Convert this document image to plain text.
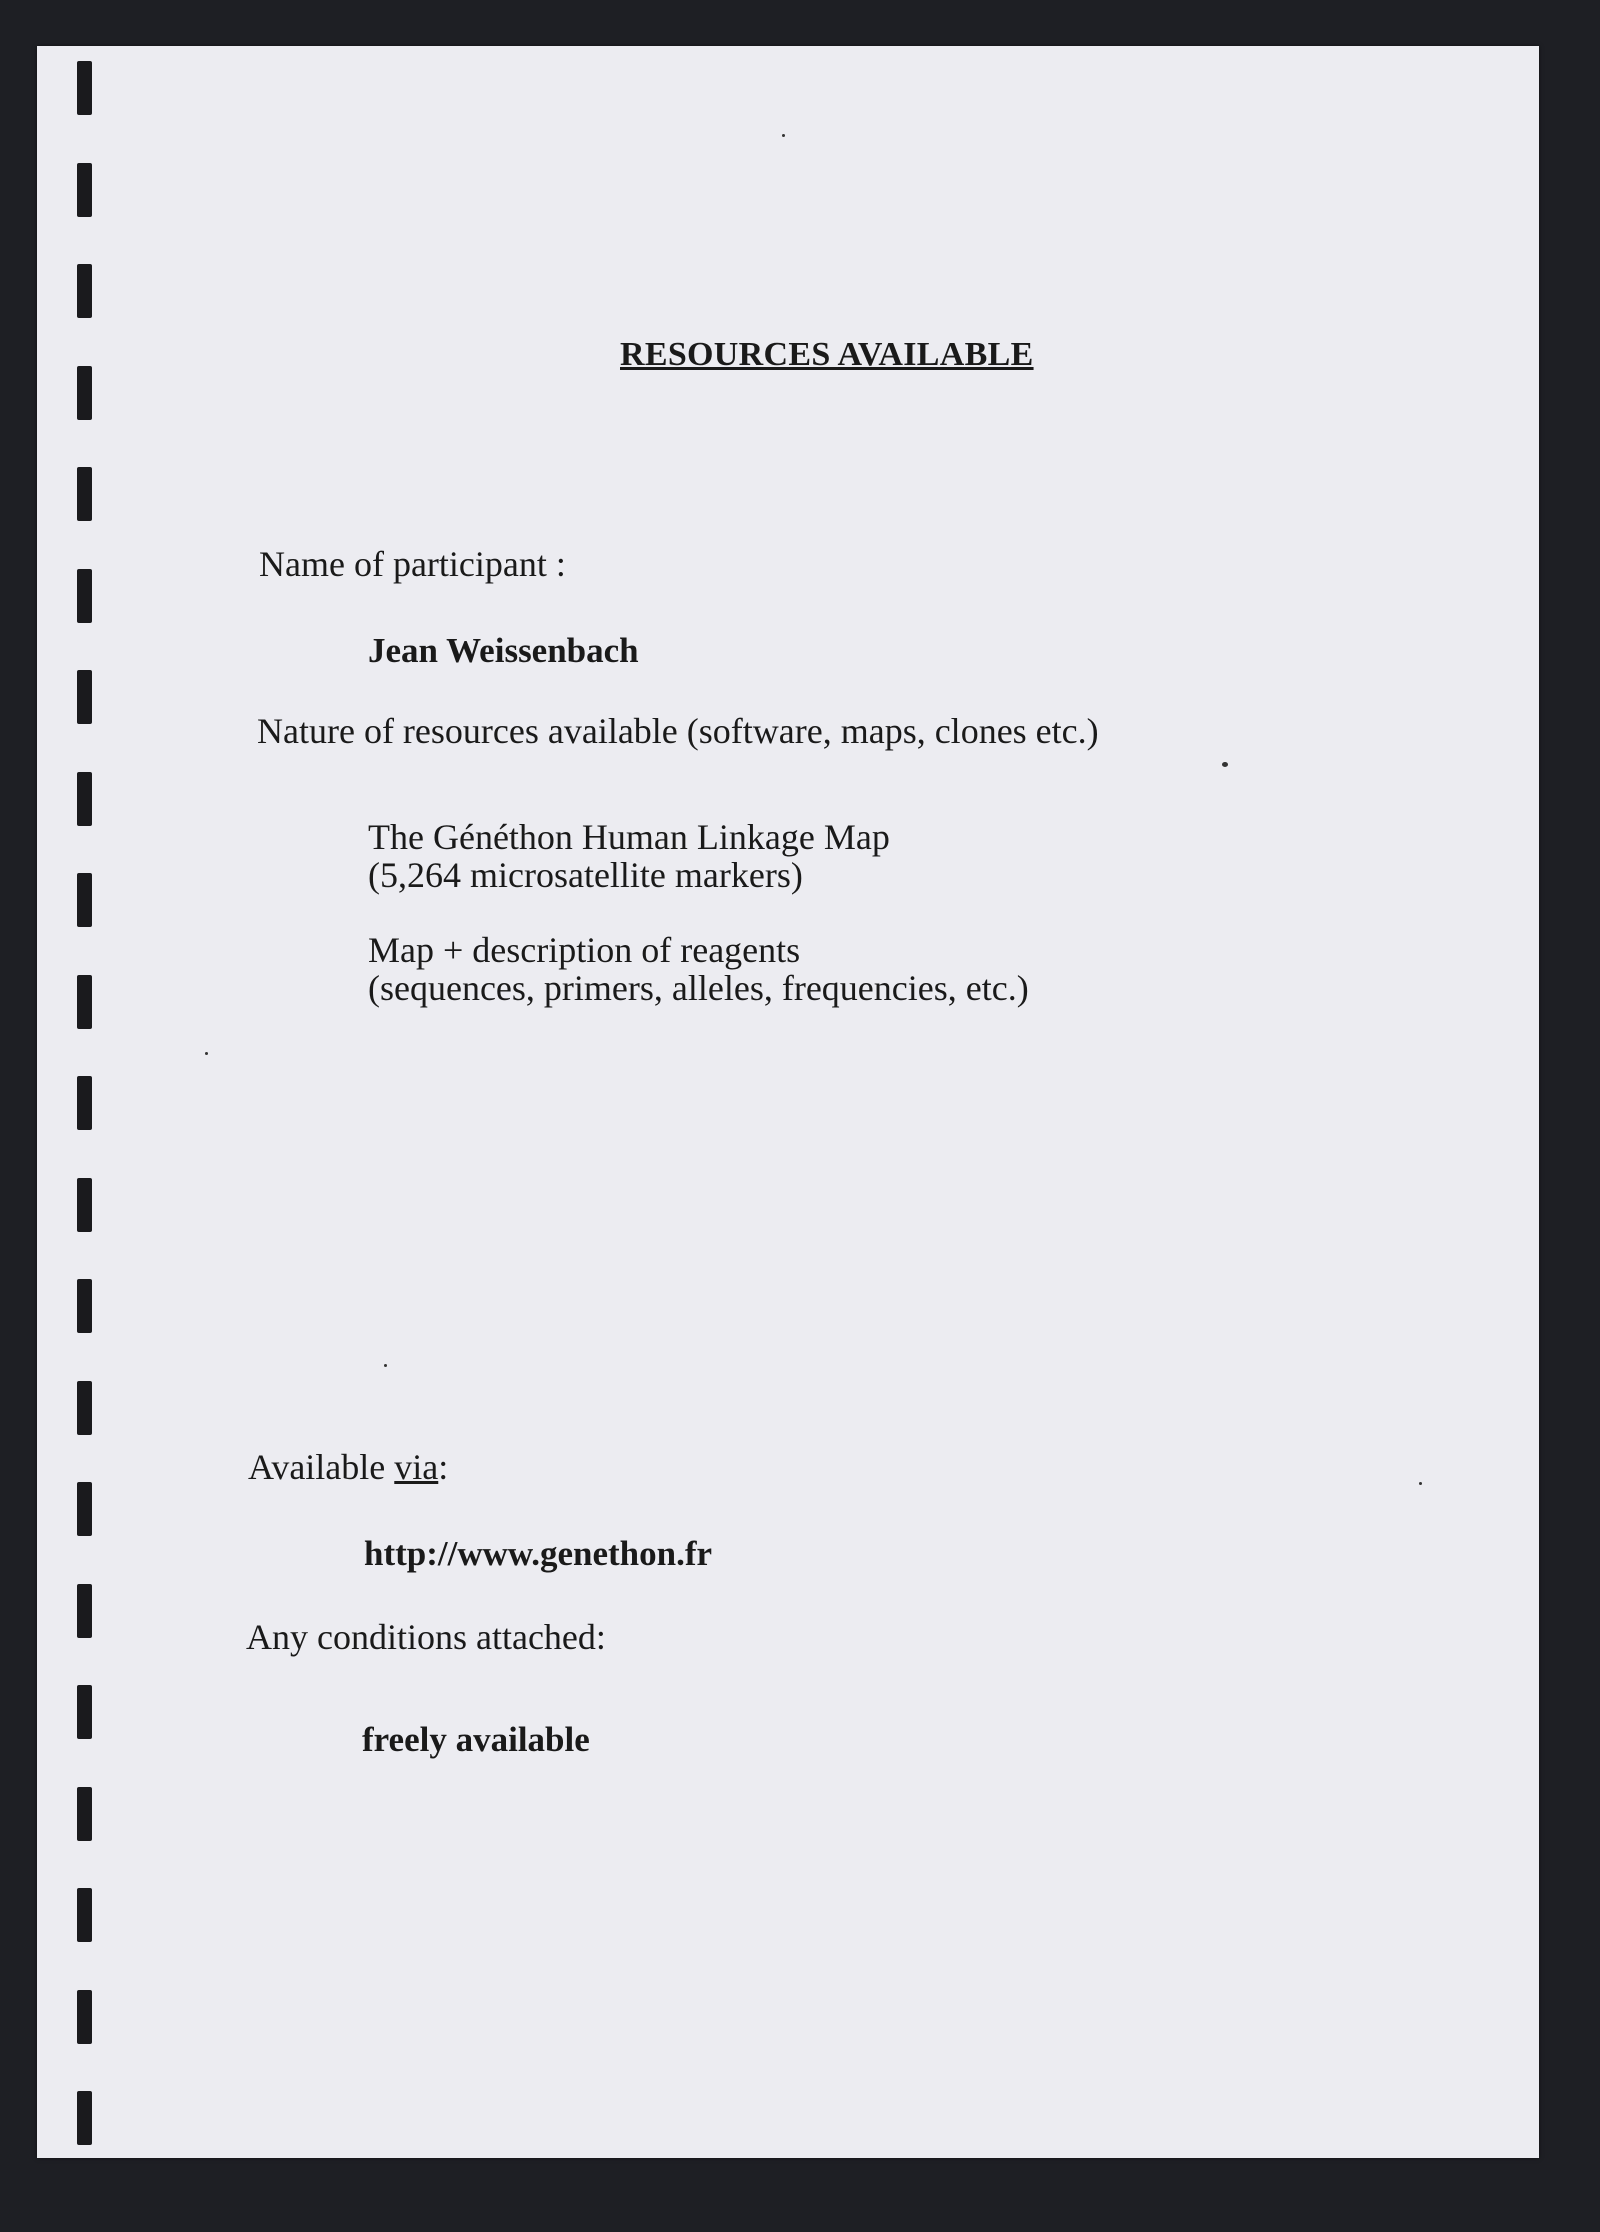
RESOURCES AVAILABLE

Name of participant :

Jean Weissenbach

Nature of resources available (software, maps, clones etc.)

The Généthon Human Linkage Map
(5,264 microsatellite markers)
Map + description of reagents
(sequences, primers, alleles, frequencies, etc.)

Available via:

http://www.genethon.fr

Any conditions attached:

freely available
